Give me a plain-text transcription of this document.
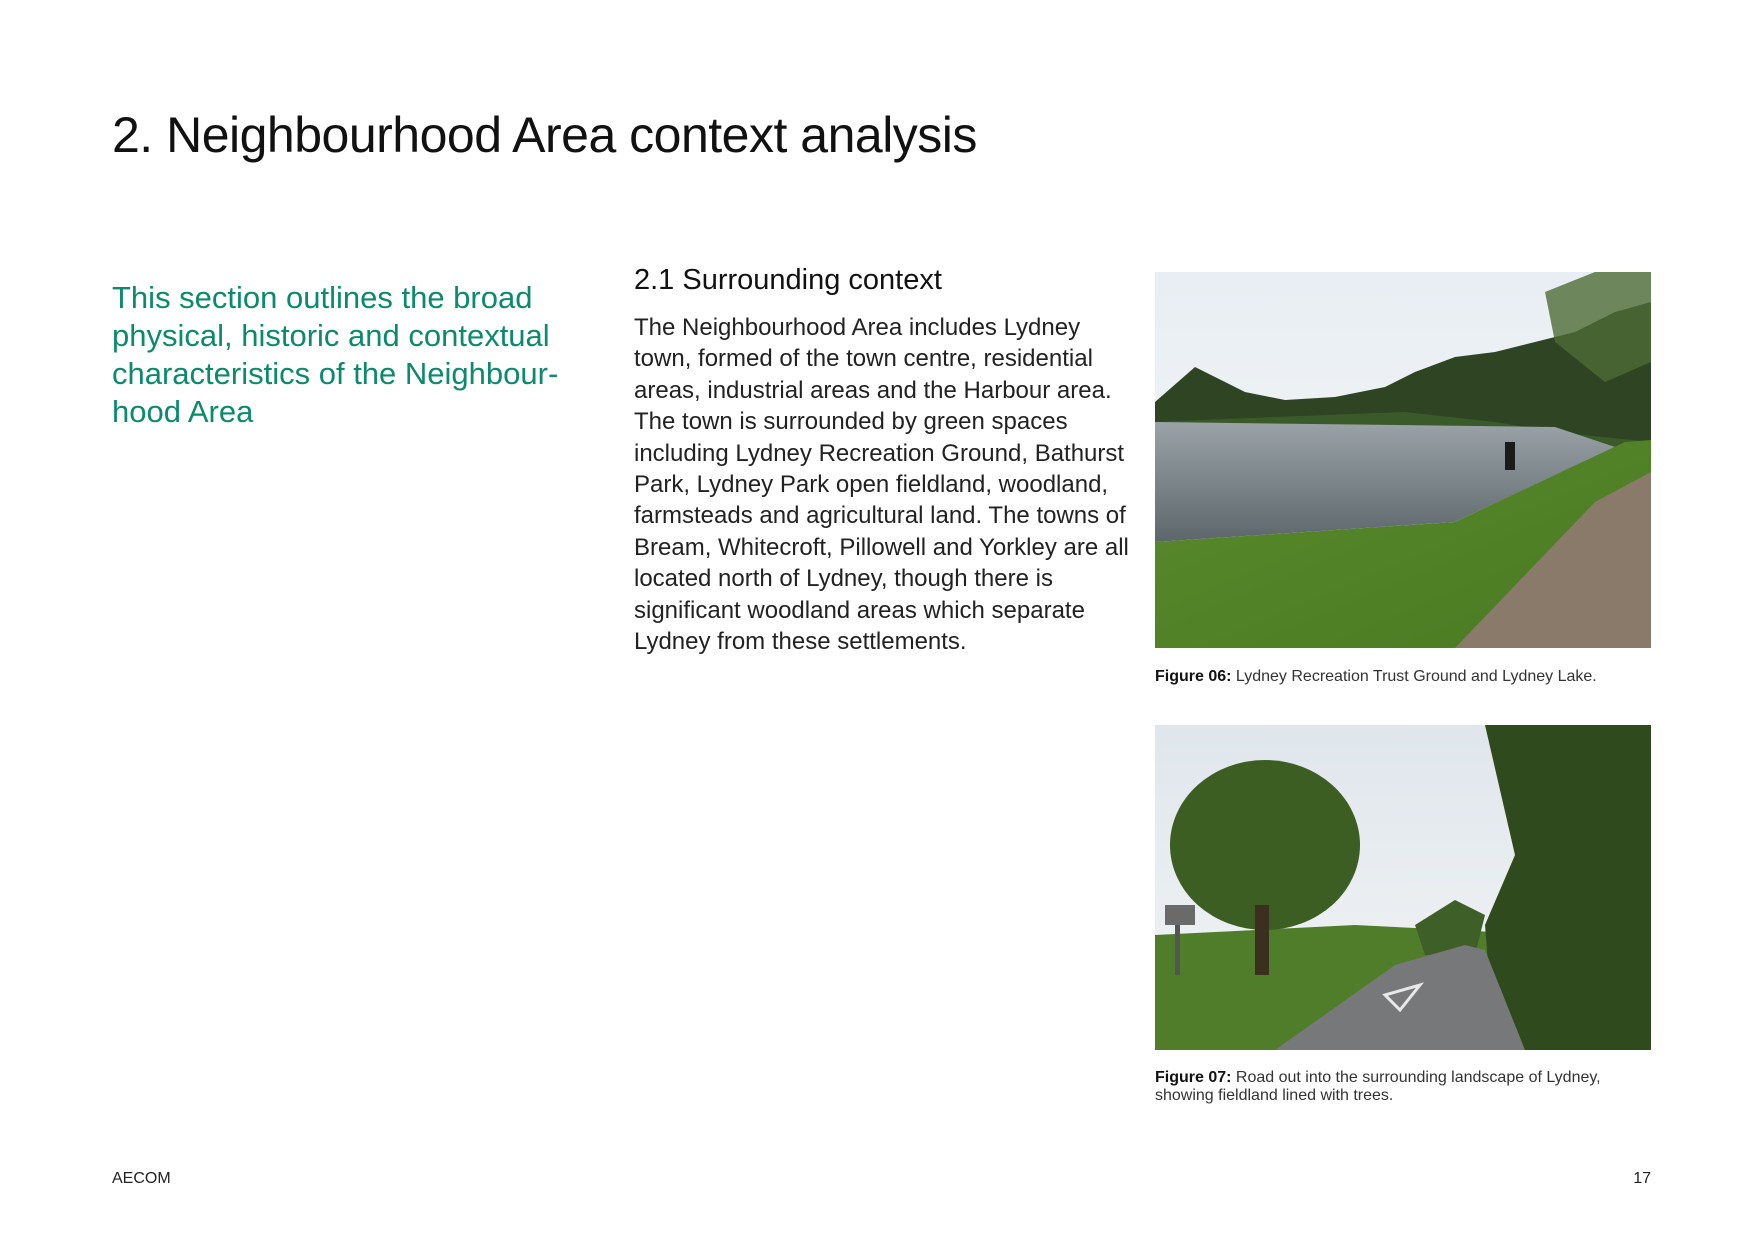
2. Neighbourhood Area context analysis
This section outlines the broad physical, historic and contextual characteristics of the Neighbour-hood Area
2.1 Surrounding context
The Neighbourhood Area includes Lydney town, formed of the town centre, residential areas, industrial areas and the Harbour area. The town is surrounded by green spaces including Lydney Recreation Ground, Bathurst Park, Lydney Park open fieldland, woodland, farmsteads and agricultural land. The towns of Bream, Whitecroft, Pillowell and Yorkley are all located north of Lydney, though there is significant woodland areas which separate Lydney from these settlements.
Figure 06: Lydney Recreation Trust Ground and Lydney Lake.
Figure 07: Road out into the surrounding landscape of Lydney, showing fieldland lined with trees.
AECOM	17
